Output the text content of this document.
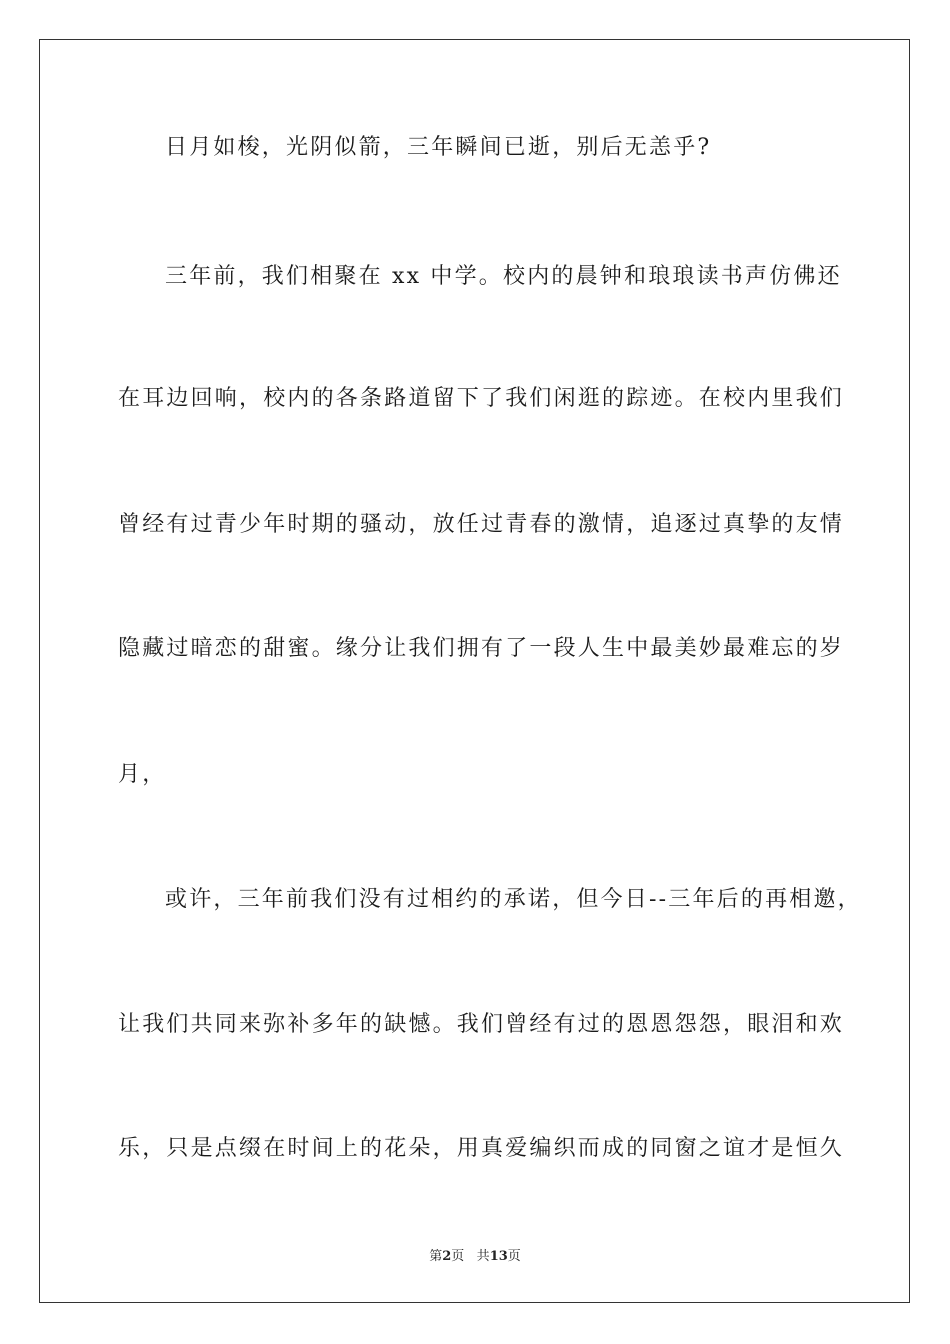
日月如梭，光阴似箭，三年瞬间已逝，别后无恙乎?
三年前，我们相聚在 xx 中学。校内的晨钟和琅琅读书声仿佛还
在耳边回响，校内的各条路道留下了我们闲逛的踪迹。在校内里我们
曾经有过青少年时期的骚动，放任过青春的激情，追逐过真挚的友情
隐藏过暗恋的甜蜜。缘分让我们拥有了一段人生中最美妙最难忘的岁
月，
或许，三年前我们没有过相约的承诺，但今日--三年后的再相邀，
让我们共同来弥补多年的缺憾。我们曾经有过的恩恩怨怨，眼泪和欢
乐，只是点缀在时间上的花朵，用真爱编织而成的同窗之谊才是恒久
第2页 共13页
